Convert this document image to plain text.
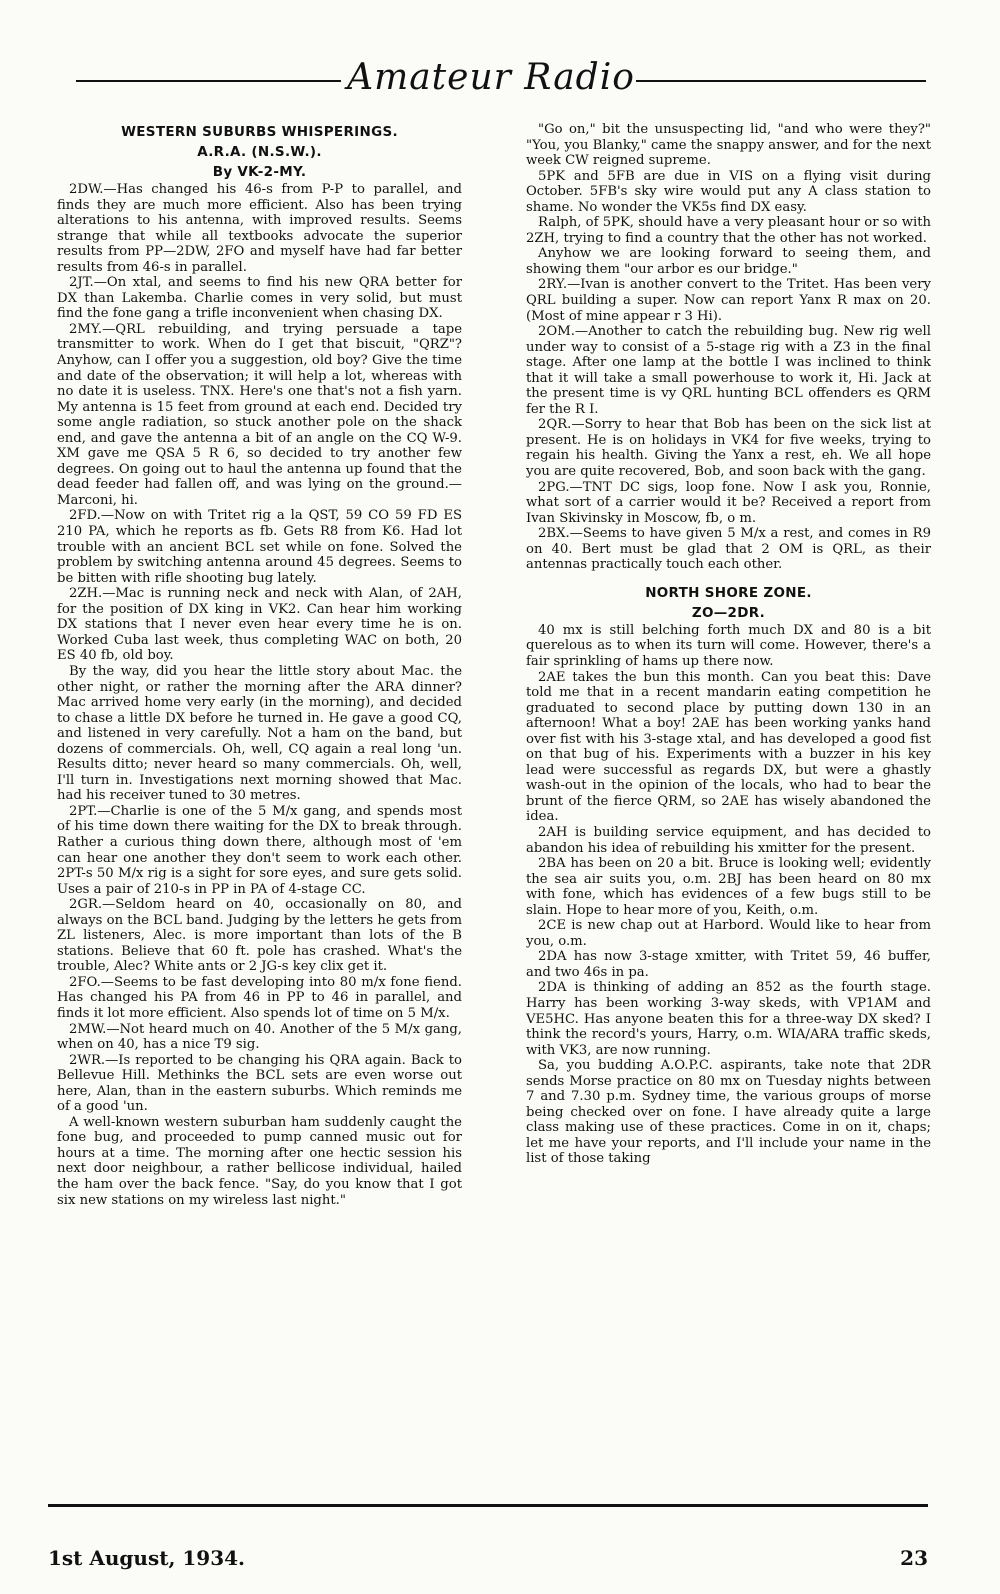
Amateur Radio
WESTERN SUBURBS WHISPERINGS.
A.R.A. (N.S.W.).
By VK-2-MY.

2DW.—Has changed his 46-s from P-P to parallel, and finds they are much more efficient. Also has been trying alterations to his antenna, with improved results. Seems strange that while all textbooks advocate the superior results from PP—2DW, 2FO and myself have had far better results from 46-s in parallel.

2JT.—On xtal, and seems to find his new QRA better for DX than Lakemba. Charlie comes in very solid, but must find the fone gang a trifle inconvenient when chasing DX.

2MY.—QRL rebuilding, and trying persuade a tape transmitter to work. When do I get that biscuit, "QRZ"? Anyhow, can I offer you a suggestion, old boy? Give the time and date of the observation; it will help a lot, whereas with no date it is useless. TNX. Here's one that's not a fish yarn. My antenna is 15 feet from ground at each end. Decided try some angle radiation, so stuck another pole on the shack end, and gave the antenna a bit of an angle on the CQ W-9. XM gave me QSA 5 R 6, so decided to try another few degrees. On going out to haul the antenna up found that the dead feeder had fallen off, and was lying on the ground.—Marconi, hi.

2FD.—Now on with Tritet rig a la QST, 59 CO 59 FD ES 210 PA, which he reports as fb. Gets R8 from K6. Had lot trouble with an ancient BCL set while on fone. Solved the problem by switching antenna around 45 degrees. Seems to be bitten with rifle shooting bug lately.

2ZH.—Mac is running neck and neck with Alan, of 2AH, for the position of DX king in VK2. Can hear him working DX stations that I never even hear every time he is on. Worked Cuba last week, thus completing WAC on both, 20 ES 40 fb, old boy.

By the way, did you hear the little story about Mac. the other night, or rather the morning after the ARA dinner? Mac arrived home very early (in the morning), and decided to chase a little DX before he turned in. He gave a good CQ, and listened in very carefully. Not a ham on the band, but dozens of commercials. Oh, well, CQ again a real long 'un. Results ditto; never heard so many commercials. Oh, well, I'll turn in. Investigations next morning showed that Mac. had his receiver tuned to 30 metres.

2PT.—Charlie is one of the 5 M/x gang, and spends most of his time down there waiting for the DX to break through. Rather a curious thing down there, although most of 'em can hear one another they don't seem to work each other. 2PT-s 50 M/x rig is a sight for sore eyes, and sure gets solid. Uses a pair of 210-s in PP in PA of 4-stage CC.

2GR.—Seldom heard on 40, occasionally on 80, and always on the BCL band. Judging by the letters he gets from ZL listeners, Alec. is more important than lots of the B stations. Believe that 60 ft. pole has crashed. What's the trouble, Alec? White ants or 2 JG-s key clix get it.

2FO.—Seems to be fast developing into 80 m/x fone fiend. Has changed his PA from 46 in PP to 46 in parallel, and finds it lot more efficient. Also spends lot of time on 5 M/x.

2MW.—Not heard much on 40. Another of the 5 M/x gang, when on 40, has a nice T9 sig.

2WR.—Is reported to be changing his QRA again. Back to Bellevue Hill. Methinks the BCL sets are even worse out here, Alan, than in the eastern suburbs. Which reminds me of a good 'un.

A well-known western suburban ham suddenly caught the fone bug, and proceeded to pump canned music out for hours at a time. The morning after one hectic session his next door neighbour, a rather bellicose individual, hailed the ham over the back fence. "Say, do you know that I got six new stations on my wireless last night."

"Go on," bit the unsuspecting lid, "and who were they?" "You, you Blanky," came the snappy answer, and for the next week CW reigned supreme.

5PK and 5FB are due in VIS on a flying visit during October. 5FB's sky wire would put any A class station to shame. No wonder the VK5s find DX easy.

Ralph, of 5PK, should have a very pleasant hour or so with 2ZH, trying to find a country that the other has not worked.

Anyhow we are looking forward to seeing them, and showing them "our arbor es our bridge."

2RY.—Ivan is another convert to the Tritet. Has been very QRL building a super. Now can report Yanx R max on 20. (Most of mine appear r 3 Hi).

2OM.—Another to catch the rebuilding bug. New rig well under way to consist of a 5-stage rig with a Z3 in the final stage. After one lamp at the bottle I was inclined to think that it will take a small powerhouse to work it, Hi. Jack at the present time is vy QRL hunting BCL offenders es QRM fer the R I.

2QR.—Sorry to hear that Bob has been on the sick list at present. He is on holidays in VK4 for five weeks, trying to regain his health. Giving the Yanx a rest, eh. We all hope you are quite recovered, Bob, and soon back with the gang.

2PG.—TNT DC sigs, loop fone. Now I ask you, Ronnie, what sort of a carrier would it be? Received a report from Ivan Skivinsky in Moscow, fb, o m.

2BX.—Seems to have given 5 M/x a rest, and comes in R9 on 40. Bert must be glad that 2 OM is QRL, as their antennas practically touch each other.

NORTH SHORE ZONE.
ZO—2DR.

40 mx is still belching forth much DX and 80 is a bit querelous as to when its turn will come. However, there's a fair sprinkling of hams up there now.

2AE takes the bun this month. Can you beat this: Dave told me that in a recent mandarin eating competition he graduated to second place by putting down 130 in an afternoon! What a boy! 2AE has been working yanks hand over fist with his 3-stage xtal, and has developed a good fist on that bug of his. Experiments with a buzzer in his key lead were successful as regards DX, but were a ghastly wash-out in the opinion of the locals, who had to bear the brunt of the fierce QRM, so 2AE has wisely abandoned the idea.

2AH is building service equipment, and has decided to abandon his idea of rebuilding his xmitter for the present.

2BA has been on 20 a bit. Bruce is looking well; evidently the sea air suits you, o.m. 2BJ has been heard on 80 mx with fone, which has evidences of a few bugs still to be slain. Hope to hear more of you, Keith, o.m.

2CE is new chap out at Harbord. Would like to hear from you, o.m.

2DA has now 3-stage xmitter, with Tritet 59, 46 buffer, and two 46s in pa.

2DA is thinking of adding an 852 as the fourth stage. Harry has been working 3-way skeds, with VP1AM and VE5HC. Has anyone beaten this for a three-way DX sked? I think the record's yours, Harry, o.m. WIA/ARA traffic skeds, with VK3, are now running.

Sa, you budding A.O.P.C. aspirants, take note that 2DR sends Morse practice on 80 mx on Tuesday nights between 7 and 7.30 p.m. Sydney time, the various groups of morse being checked over on fone. I have already quite a large class making use of these practices. Come in on it, chaps; let me have your reports, and I'll include your name in the list of those taking

1st August, 1934.	23
